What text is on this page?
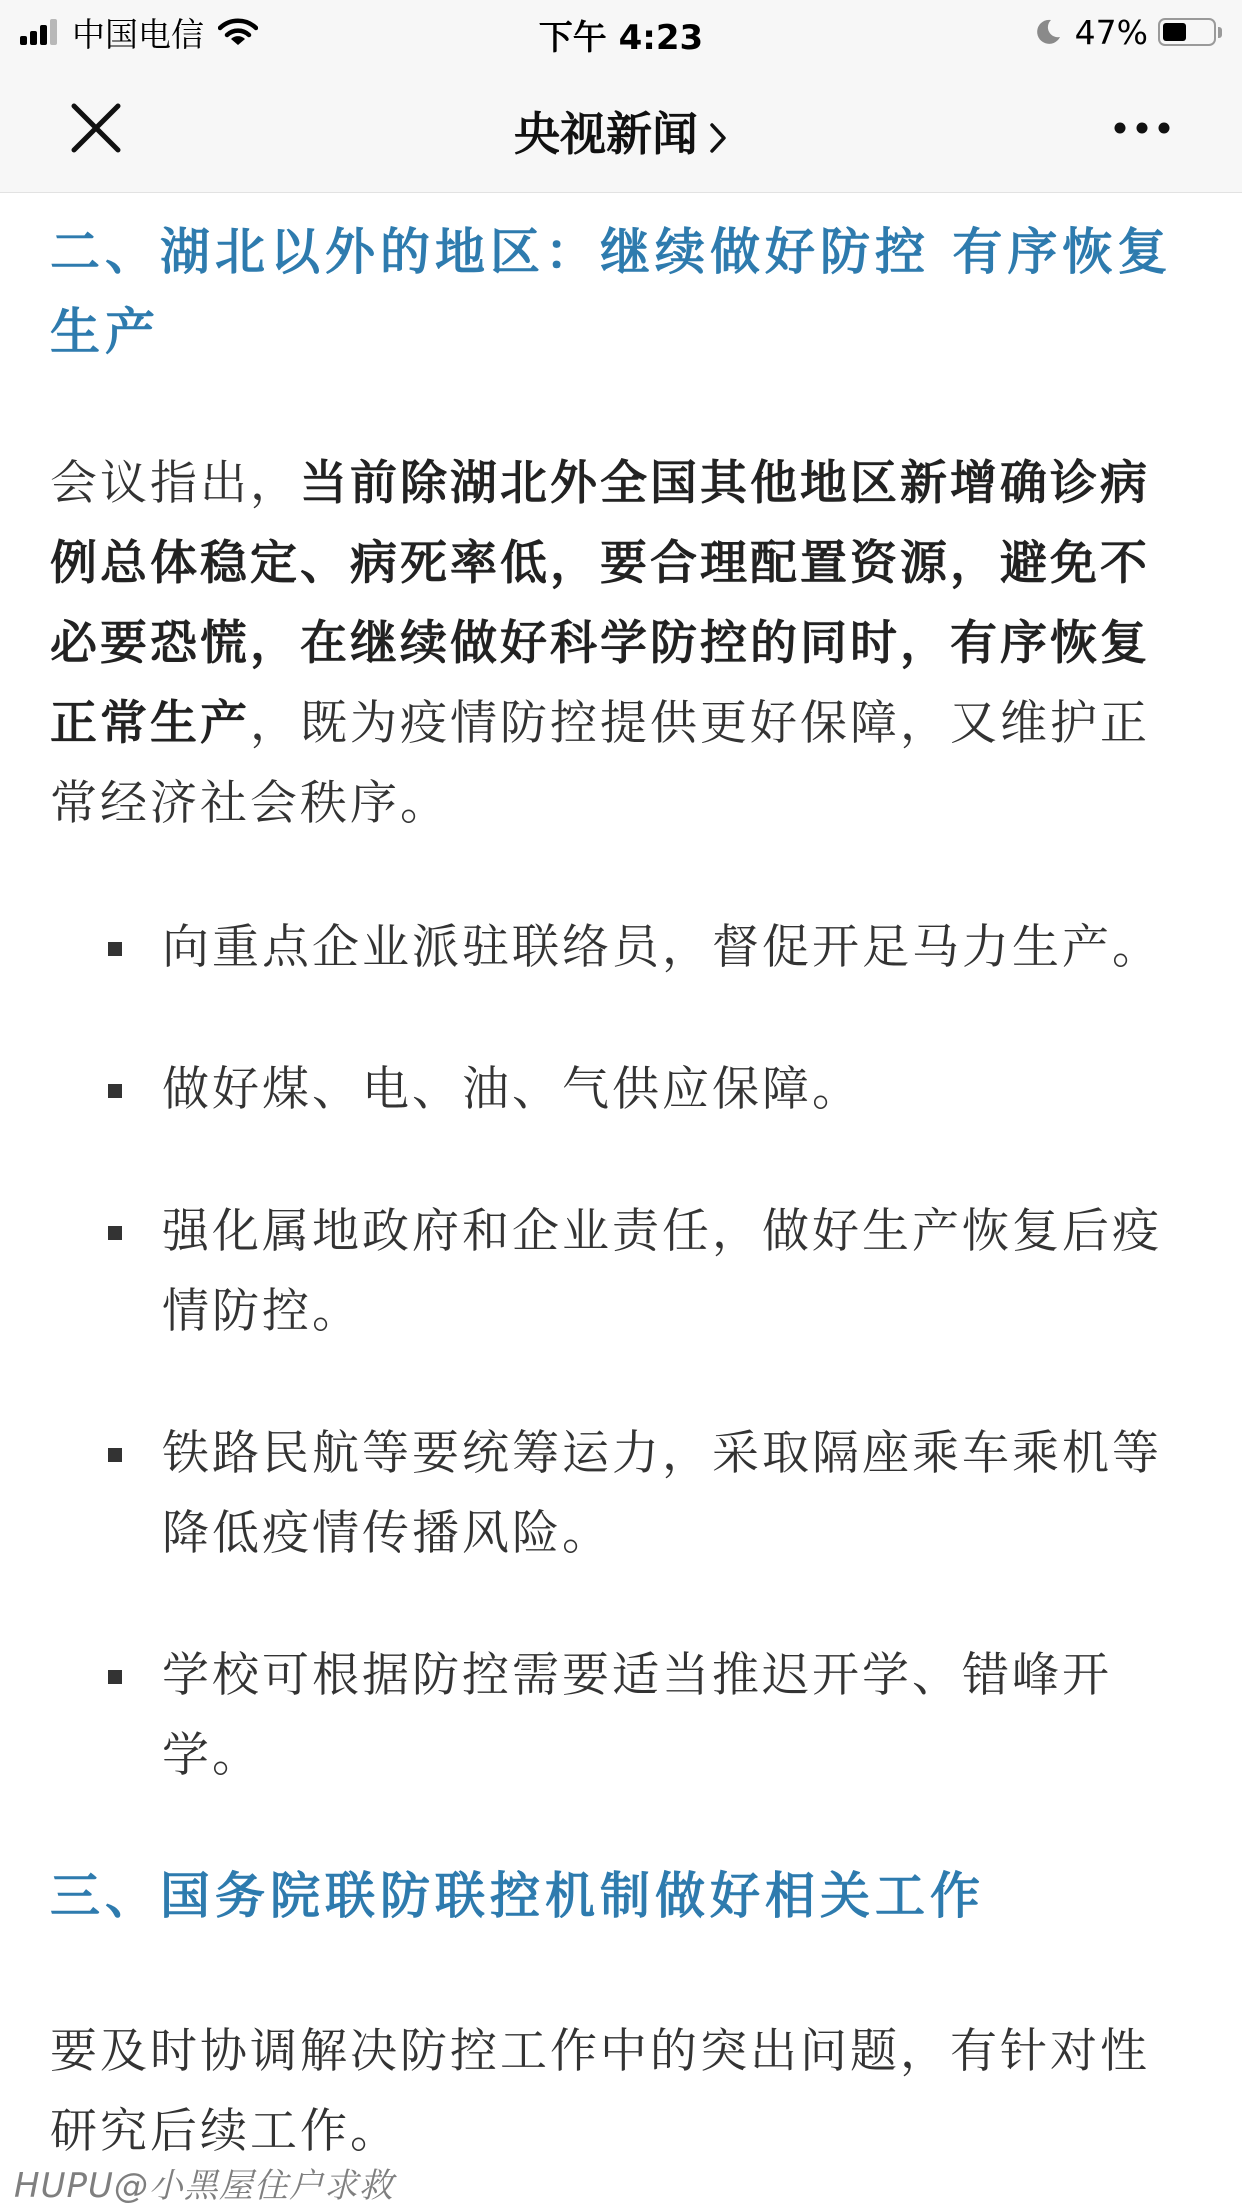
中国电信	下午 4:23	47%
央视新闻
二、湖北以外的地区：继续做好防控 有序恢复生产

会议指出，当前除湖北外全国其他地区新增确诊病例总体稳定、病死率低，要合理配置资源，避免不必要恐慌，在继续做好科学防控的同时，有序恢复正常生产，既为疫情防控提供更好保障，又维护正常经济社会秩序。

向重点企业派驻联络员，督促开足马力生产。
做好煤、电、油、气供应保障。
强化属地政府和企业责任，做好生产恢复后疫情防控。
铁路民航等要统筹运力，采取隔座乘车乘机等降低疫情传播风险。
学校可根据防控需要适当推迟开学、错峰开学。
三、国务院联防联控机制做好相关工作

要及时协调解决防控工作中的突出问题，有针对性研究后续工作。

HUPU@小黑屋住户求救
